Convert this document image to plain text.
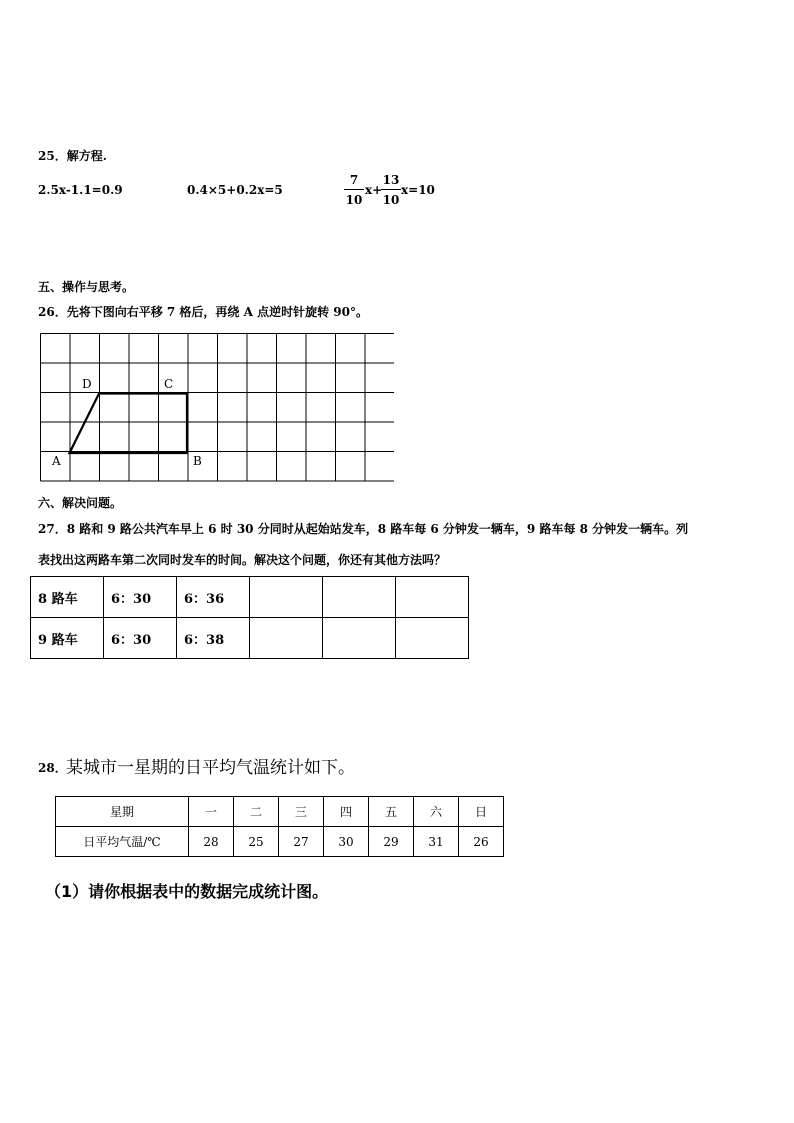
25．解方程.
2.5x-1.1=0.9	0.4×5+0.2x=5
7
10
x+
13
10
x=10
五、操作与思考。
26．先将下图向右平移 7 格后，再绕 A 点逆时针旋转 90°。
A	B
C
D
六、解决问题。
27．8 路和 9 路公共汽车早上 6 时 30 分同时从起始站发车，8 路车每 6 分钟发一辆车，9 路车每 8 分钟发一辆车。列
表找出这两路车第二次同时发车的时间。解决这个问题，你还有其他方法吗？
8 路车	6：30	6：36			
9 路车	6：30	6：38			
28． 某城市一星期的日平均气温统计如下。
星期	一	二	三	四	五	六	日
日平均气温/℃	28	25	27	30	29	31	26
（1）请你根据表中的数据完成统计图。
